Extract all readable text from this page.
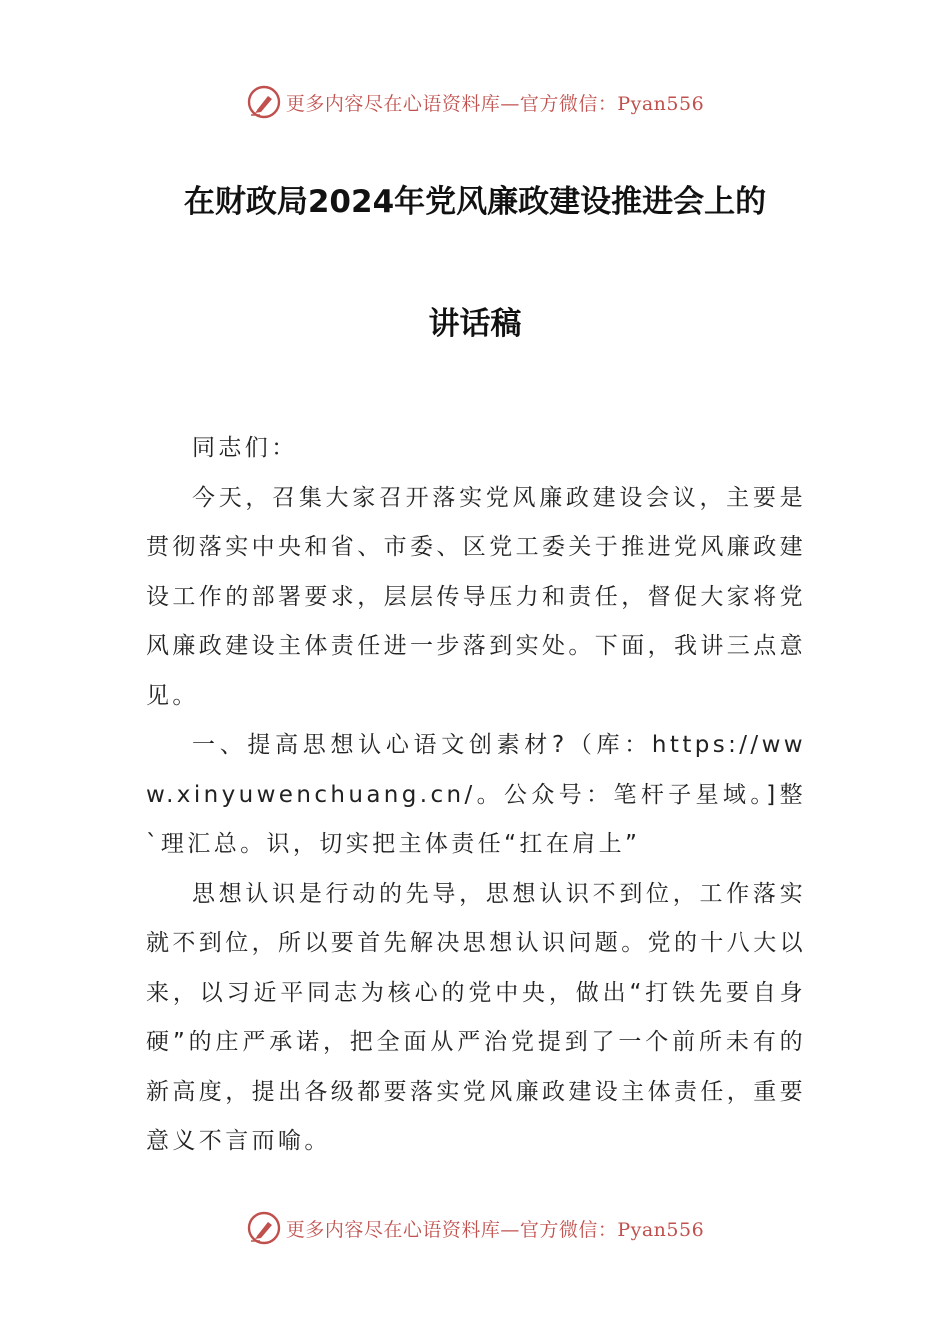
更多内容尽在心语资料库—官方微信：Pyan556
在财政局2024年党风廉政建设推进会上的
讲话稿

同志们：

今天，召集大家召开落实党风廉政建设会议，主要是贯彻落实中央和省、市委、区党工委关于推进党风廉政建设工作的部署要求，层层传导压力和责任，督促大家将党风廉政建设主体责任进一步落到实处。下面，我讲三点意见。

一、提高思想认心语文创素材?（库：https://www.xinyuwenchuang.cn/。公众号：笔杆子星域。]整`理汇总。识，切实把主体责任“扛在肩上”

思想认识是行动的先导，思想认识不到位，工作落实就不到位，所以要首先解决思想认识问题。党的十八大以来，以习近平同志为核心的党中央，做出“打铁先要自身硬”的庄严承诺，把全面从严治党提到了一个前所未有的新高度，提出各级都要落实党风廉政建设主体责任，重要意义不言而喻。

更多内容尽在心语资料库—官方微信：Pyan556
